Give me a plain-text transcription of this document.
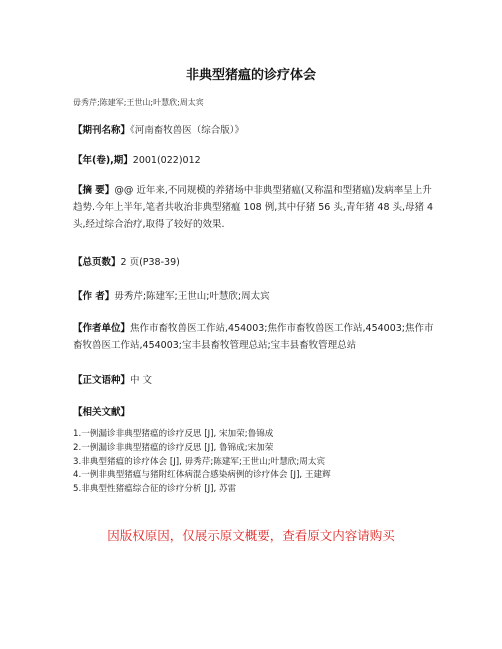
非典型猪瘟的诊疗体会
毋秀芹;陈建军;王世山;叶慧欣;周太宾
【期刊名称】《河南畜牧兽医（综合版）》
【年(卷),期】2001(022)012
【摘 要】@@ 近年来,不同规模的养猪场中非典型猪瘟(又称温和型猪瘟)发病率呈上升趋势.今年上半年,笔者共收治非典型猪瘟 108 例,其中仔猪 56 头,青年猪 48 头,母猪 4 头,经过综合治疗,取得了较好的效果.
【总页数】2 页(P38-39)
【作 者】毋秀芹;陈建军;王世山;叶慧欣;周太宾
【作者单位】焦作市畜牧兽医工作站,454003;焦作市畜牧兽医工作站,454003;焦作市畜牧兽医工作站,454003;宝丰县畜牧管理总站;宝丰县畜牧管理总站
【正文语种】中 文
【相关文献】
1.一例漏诊非典型猪瘟的诊疗反思 [J], 宋加荣;鲁锦成
2.一例漏诊非典型猪瘟的诊疗反思 [J], 鲁锦成;宋加荣
3.非典型猪瘟的诊疗体会 [J], 毋秀芹;陈建军;王世山;叶慧欣;周太宾
4.一例非典型猪瘟与猪附红体病混合感染病例的诊疗体会 [J], 王建辉
5.非典型性猪瘟综合征的诊疗分析 [J], 苏雷
因版权原因，仅展示原文概要，查看原文内容请购买
